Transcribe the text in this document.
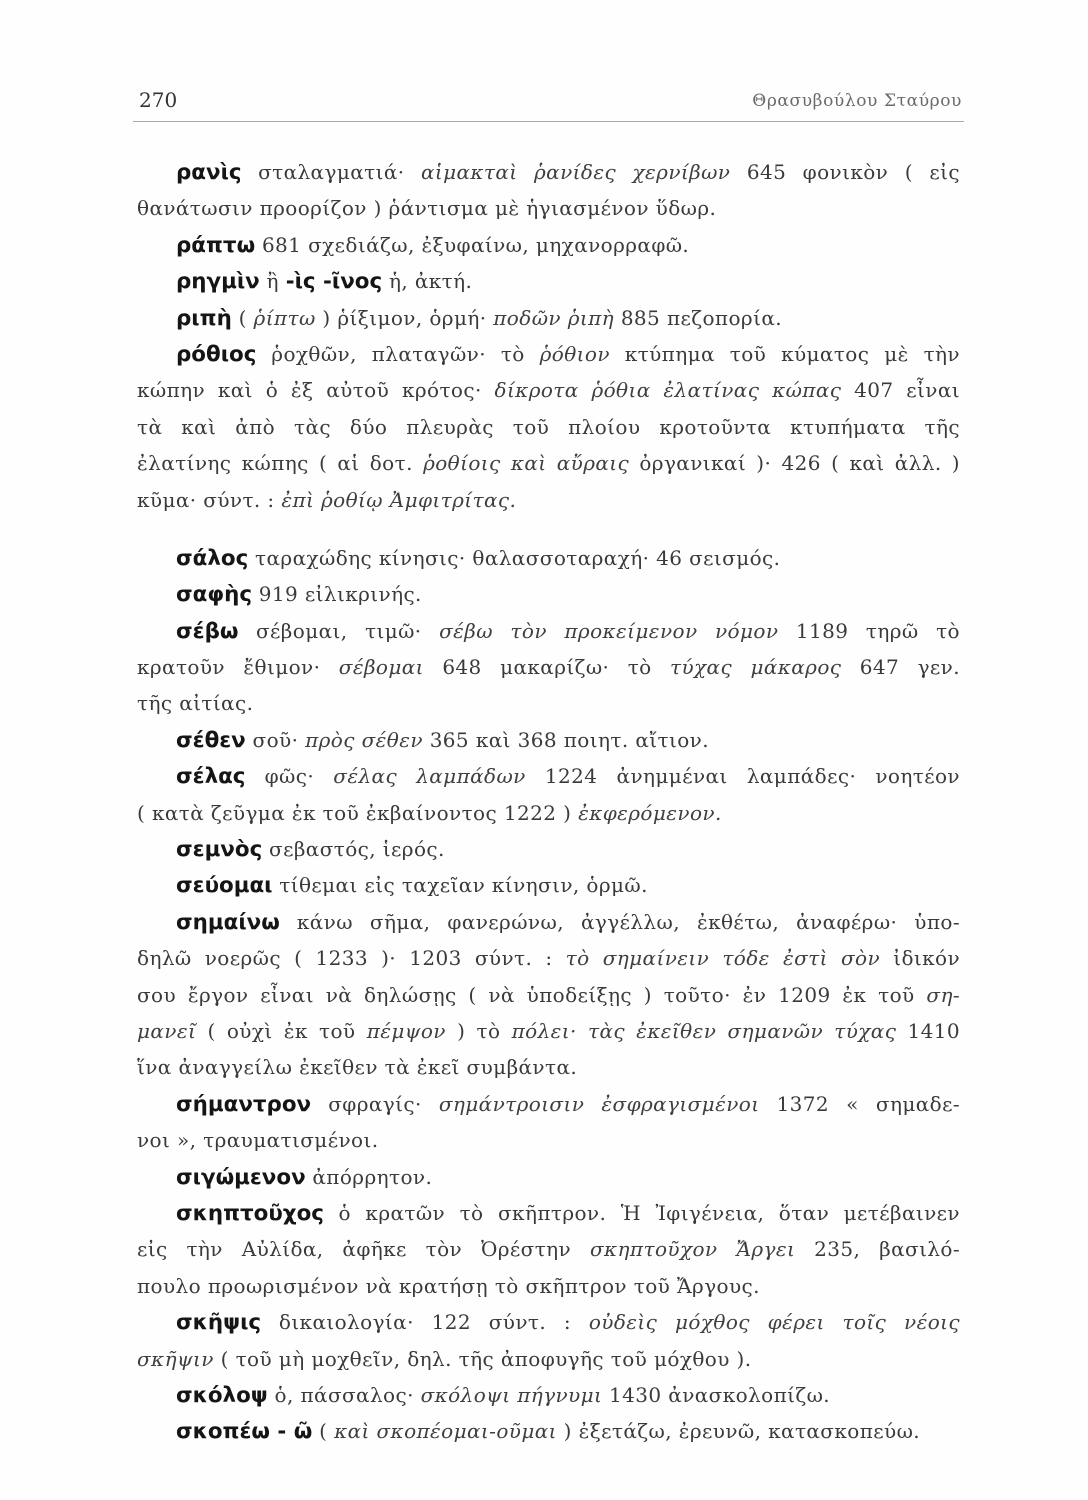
270	Θρασυβούλου Σταύρου
ρανὶς σταλαγματιά· αἱμακταὶ ῥανίδες χερνίβων 645 φονικὸν ( εἰς
θανάτωσιν προορίζον ) ῥάντισμα μὲ ἡγιασμένον ὕδωρ.
ράπτω 681 σχεδιάζω, ἐξυφαίνω, μηχανορραφῶ.
ρηγμὶν ἢ -ὶς -ῖνος ἡ, ἀκτή.
ριπὴ ( ῥίπτω ) ῥίξιμον, ὁρμή· ποδῶν ῥιπὴ 885 πεζοπορία.
ρόθιος ῥοχθῶν, πλαταγῶν· τὸ ῥόθιον κτύπημα τοῦ κύματος μὲ τὴν
κώπην καὶ ὁ ἐξ αὐτοῦ κρότος· δίκροτα ῥόθια ἐλατίνας κώπας 407 εἶναι
τὰ καὶ ἀπὸ τὰς δύο πλευρὰς τοῦ πλοίου κροτοῦντα κτυπήματα τῆς
ἐλατίνης κώπης ( αἱ δοτ. ῥοθίοις καὶ αὔραις ὀργανικαί )· 426 ( καὶ ἀλλ. )
κῦμα· σύντ. : ἐπὶ ῥοθίῳ Ἀμφιτρίτας.
σάλος ταραχώδης κίνησις· θαλασσοταραχή· 46 σεισμός.
σαφὴς 919 εἰλικρινής.
σέβω σέβομαι, τιμῶ· σέβω τὸν προκείμενον νόμον 1189 τηρῶ τὸ
κρατοῦν ἔθιμον· σέβομαι 648 μακαρίζω· τὸ τύχας μάκαρος 647 γεν.
τῆς αἰτίας.
σέθεν σοῦ· πρὸς σέθεν 365 καὶ 368 ποιητ. αἴτιον.
σέλας φῶς· σέλας λαμπάδων 1224 ἀνημμέναι λαμπάδες· νοητέον
( κατὰ ζεῦγμα ἐκ τοῦ ἐκβαίνοντος 1222 ) ἐκφερόμενον.
σεμνὸς σεβαστός, ἱερός.
σεύομαι τίθεμαι εἰς ταχεῖαν κίνησιν, ὁρμῶ.
σημαίνω κάνω σῆμα, φανερώνω, ἀγγέλλω, ἐκθέτω, ἀναφέρω· ὑπο-
δηλῶ νοερῶς ( 1233 )· 1203 σύντ. : τὸ σημαίνειν τόδε ἐστὶ σὸν ἰδικόν
σου ἔργον εἶναι νὰ δηλώσῃς ( νὰ ὑποδείξῃς ) τοῦτο· ἐν 1209 ἐκ τοῦ ση-
μανεῖ ( οὐχὶ ἐκ τοῦ πέμψον ) τὸ πόλει· τὰς ἐκεῖθεν σημανῶν τύχας 1410
ἵνα ἀναγγείλω ἐκεῖθεν τὰ ἐκεῖ συμβάντα.
σήμαντρον σφραγίς· σημάντροισιν ἐσφραγισμένοι 1372 « σημαδε-
νοι », τραυματισμένοι.
σιγώμενον ἀπόρρητον.
σκηπτοῦχος ὁ κρατῶν τὸ σκῆπτρον. Ἡ Ἰφιγένεια, ὅταν μετέβαινεν
εἰς τὴν Αὐλίδα, ἀφῆκε τὸν Ὀρέστην σκηπτοῦχον Ἄργει 235, βασιλό-
πουλο προωρισμένον νὰ κρατήσῃ τὸ σκῆπτρον τοῦ Ἄργους.
σκῆψις δικαιολογία· 122 σύντ. : οὐδεὶς μόχθος φέρει τοῖς νέοις
σκῆψιν ( τοῦ μὴ μοχθεῖν, δηλ. τῆς ἀποφυγῆς τοῦ μόχθου ).
σκόλοψ ὁ, πάσσαλος· σκόλοψι πήγνυμι 1430 ἀνασκολοπίζω.
σκοπέω - ῶ ( καὶ σκοπέομαι-οῦμαι ) ἐξετάζω, ἐρευνῶ, κατασκοπεύω.
